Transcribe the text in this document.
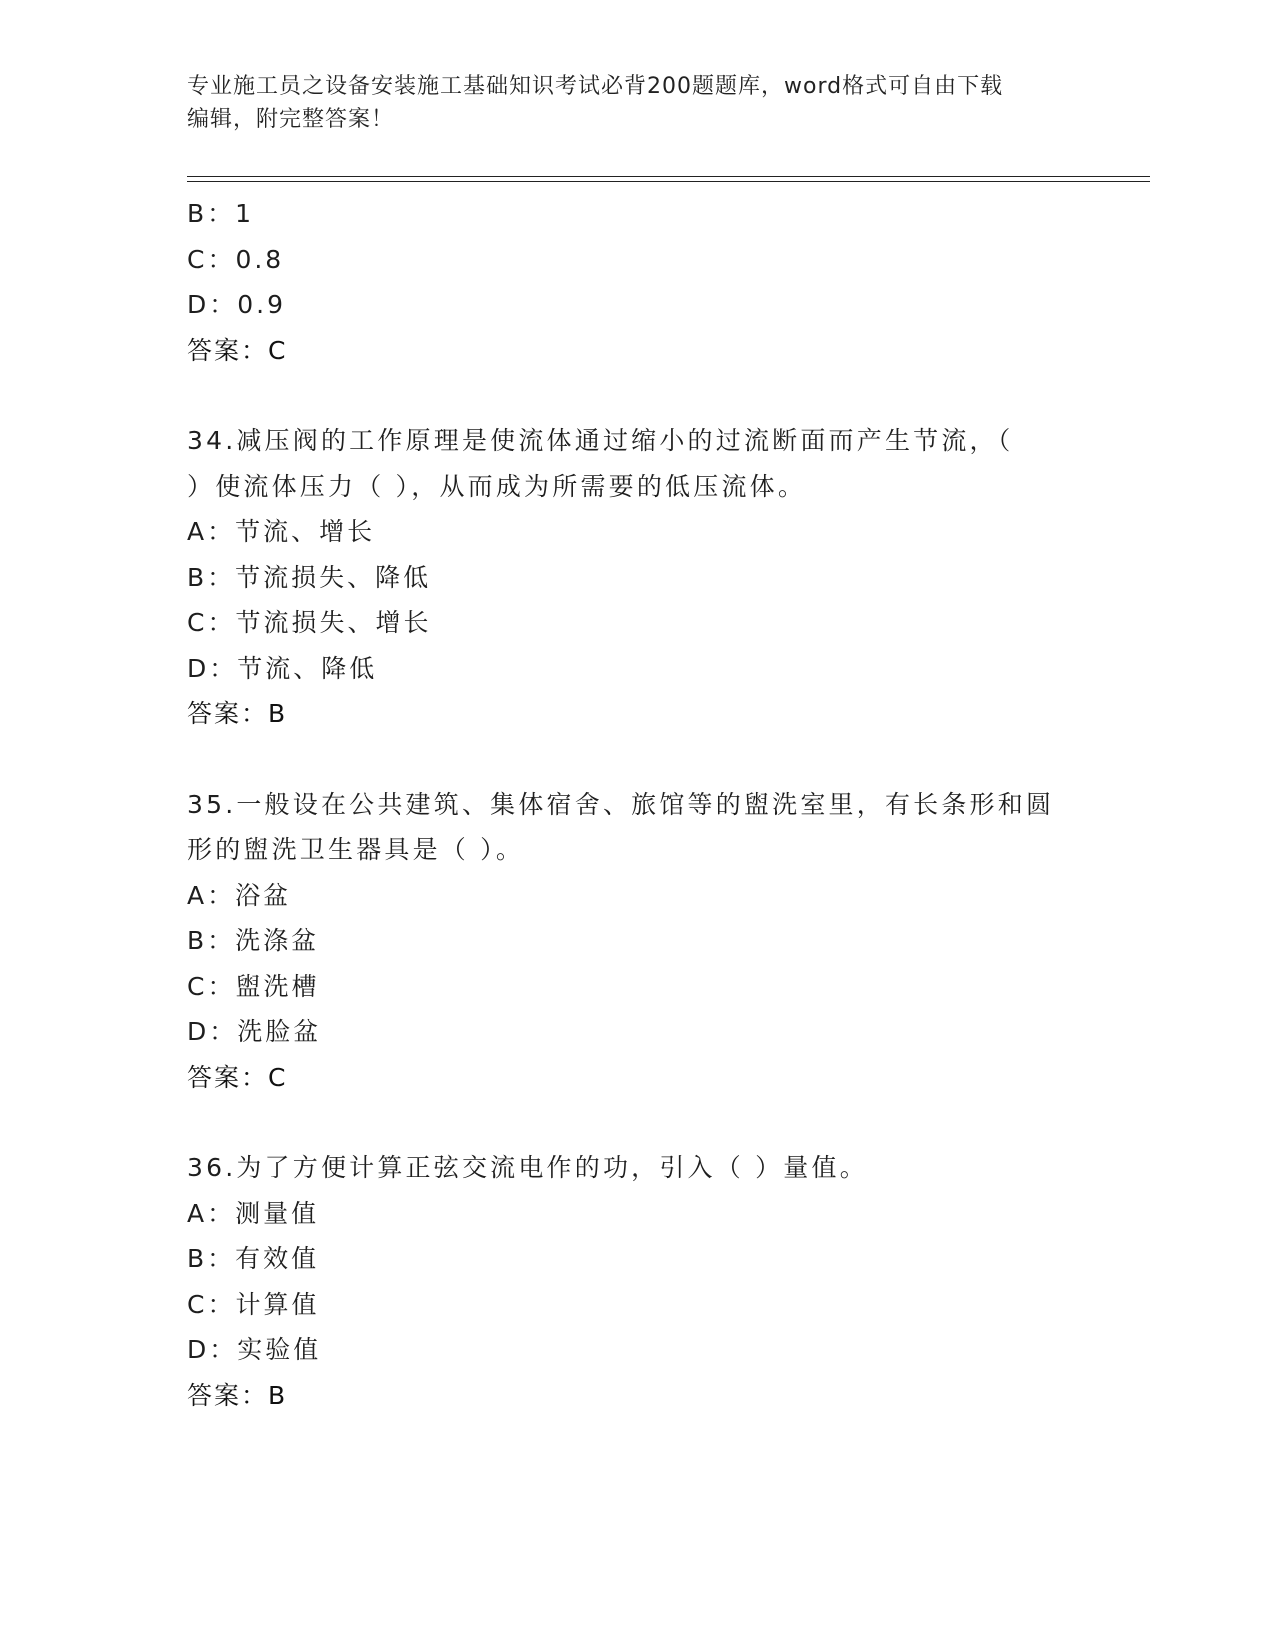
专业施工员之设备安装施工基础知识考试必背200题题库，word格式可自由下载
编辑，附完整答案！
B：1
C：0.8
D：0.9
答案：C
34.减压阀的工作原理是使流体通过缩小的过流断面而产生节流，（
）使流体压力（ ），从而成为所需要的低压流体。
A：节流、增长
B：节流损失、降低
C：节流损失、增长
D：节流、降低
答案：B
35.一般设在公共建筑、集体宿舍、旅馆等的盥洗室里，有长条形和圆
形的盥洗卫生器具是（ ）。
A：浴盆
B：洗涤盆
C：盥洗槽
D：洗脸盆
答案：C
36.为了方便计算正弦交流电作的功，引入（ ）量值。
A：测量值
B：有效值
C：计算值
D：实验值
答案：B
